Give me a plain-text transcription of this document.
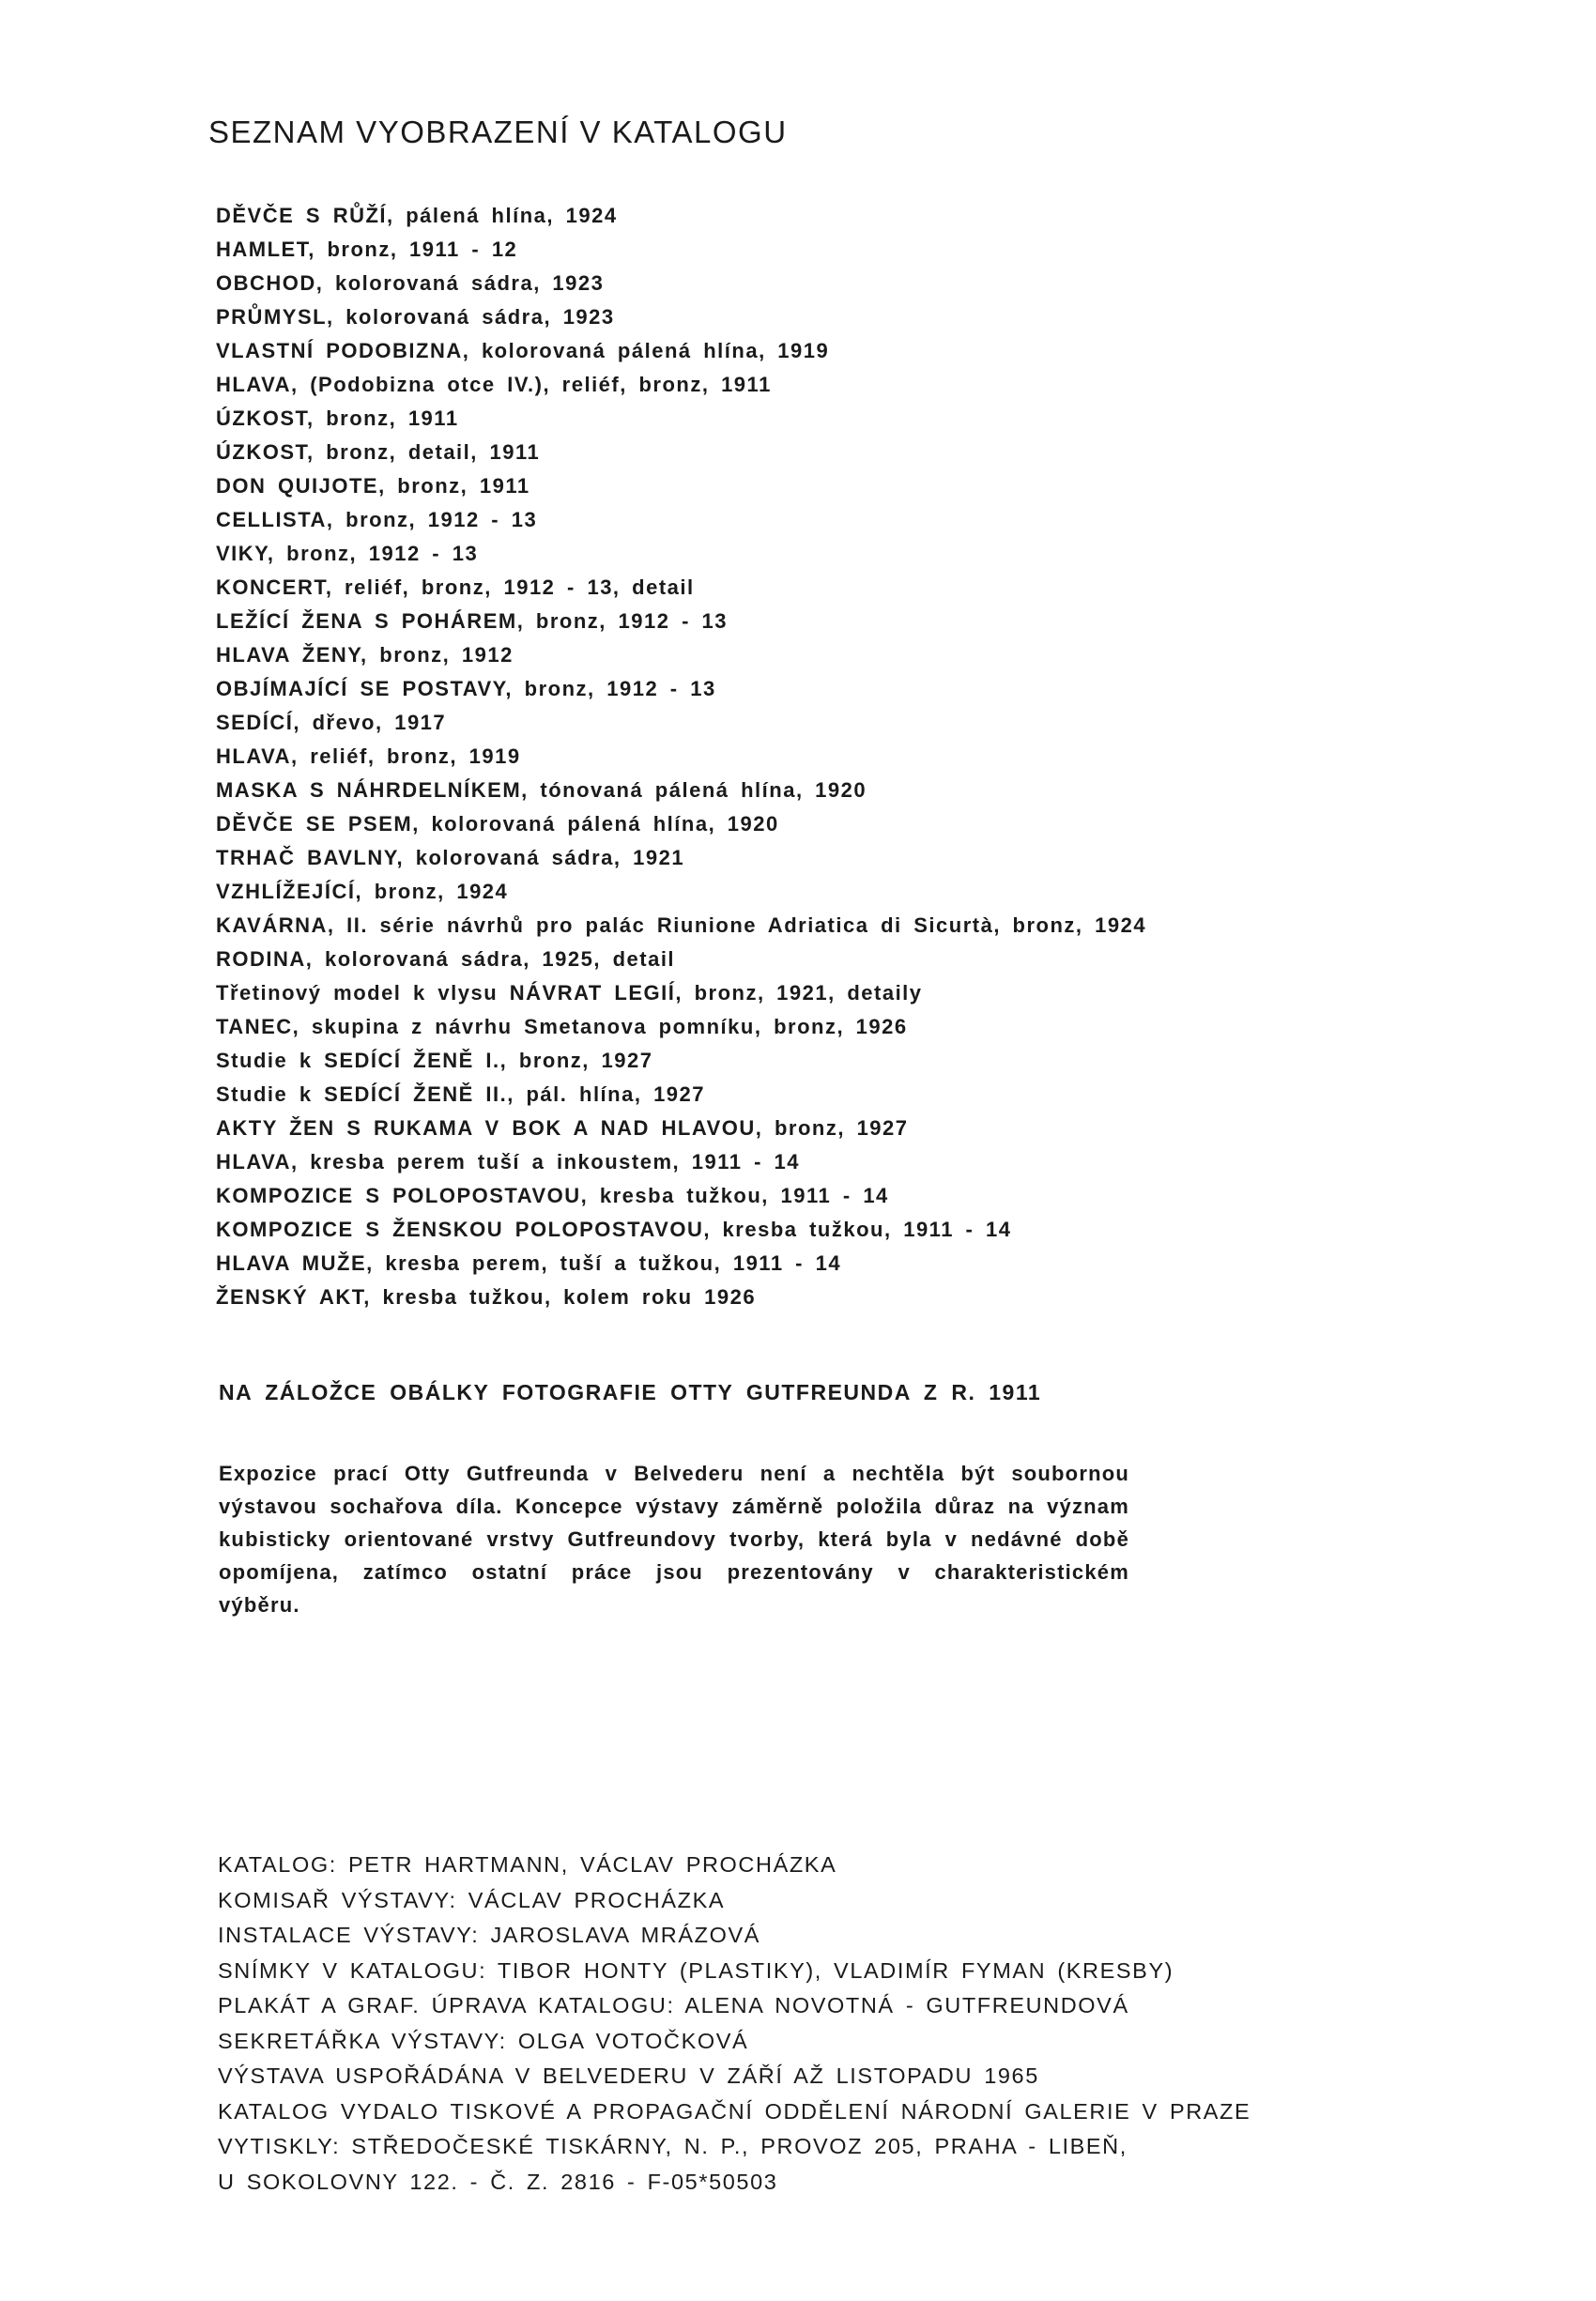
SEZNAM VYOBRAZENÍ V KATALOGU
DĚVČE S RŮŽÍ, pálená hlína, 1924
HAMLET, bronz, 1911 - 12
OBCHOD, kolorovaná sádra, 1923
PRŮMYSL, kolorovaná sádra, 1923
VLASTNÍ PODOBIZNA, kolorovaná pálená hlína, 1919
HLAVA, (Podobizna otce IV.), reliéf, bronz, 1911
ÚZKOST, bronz, 1911
ÚZKOST, bronz, detail, 1911
DON QUIJOTE, bronz, 1911
CELLISTA, bronz, 1912 - 13
VIKY, bronz, 1912 - 13
KONCERT, reliéf, bronz, 1912 - 13, detail
LEŽÍCÍ ŽENA S POHÁREM, bronz, 1912 - 13
HLAVA ŽENY, bronz, 1912
OBJÍMAJÍCÍ SE POSTAVY, bronz, 1912 - 13
SEDÍCÍ, dřevo, 1917
HLAVA, reliéf, bronz, 1919
MASKA S NÁHRDELNÍKEM, tónovaná pálená hlína, 1920
DĚVČE SE PSEM, kolorovaná pálená hlína, 1920
TRHAČ BAVLNY, kolorovaná sádra, 1921
VZHLÍŽEJÍCÍ, bronz, 1924
KAVÁRNA, II. série návrhů pro palác Riunione Adriatica di Sicurtà, bronz, 1924
RODINA, kolorovaná sádra, 1925, detail
Třetinový model k vlysu NÁVRAT LEGIÍ, bronz, 1921, detaily
TANEC, skupina z návrhu Smetanova pomníku, bronz, 1926
Studie k SEDÍCÍ ŽENĚ I., bronz, 1927
Studie k SEDÍCÍ ŽENĚ II., pál. hlína, 1927
AKTY ŽEN S RUKAMA V BOK A NAD HLAVOU, bronz, 1927
HLAVA, kresba perem tuší a inkoustem, 1911 - 14
KOMPOZICE S POLOPOSTAVOU, kresba tužkou, 1911 - 14
KOMPOZICE S ŽENSKOU POLOPOSTAVOU, kresba tužkou, 1911 - 14
HLAVA MUŽE, kresba perem, tuší a tužkou, 1911 - 14
ŽENSKÝ AKT, kresba tužkou, kolem roku 1926
NA ZÁLOŽCE OBÁLKY FOTOGRAFIE OTTY GUTFREUNDA Z R. 1911
Expozice prací Otty Gutfreunda v Belvederu není a nechtěla být soubornou výstavou sochařova díla. Koncepce výstavy záměrně položila důraz na význam kubisticky orientované vrstvy Gutfreundovy tvorby, která byla v nedávné době opomíjena, zatímco ostatní práce jsou prezentovány v charakteristickém výběru.
KATALOG: PETR HARTMANN, VÁCLAV PROCHÁZKA
KOMISAŘ VÝSTAVY: VÁCLAV PROCHÁZKA
INSTALACE VÝSTAVY: JAROSLAVA MRÁZOVÁ
SNÍMKY V KATALOGU: TIBOR HONTY (PLASTIKY), VLADIMÍR FYMAN (KRESBY)
PLAKÁT A GRAF. ÚPRAVA KATALOGU: ALENA NOVOTNÁ - GUTFREUNDOVÁ
SEKRETÁŘKA VÝSTAVY: OLGA VOTOČKOVÁ
VÝSTAVA USPOŘÁDÁNA V BELVEDERU V ZÁŘÍ AŽ LISTOPADU 1965
KATALOG VYDALO TISKOVÉ A PROPAGAČNÍ ODDĚLENÍ NÁRODNÍ GALERIE V PRAZE
VYTISKLY: STŘEDOČESKÉ TISKÁRNY, N. P., PROVOZ 205, PRAHA - LIBEŇ,
U SOKOLOVNY 122. - Č. Z. 2816 - F-05*50503
